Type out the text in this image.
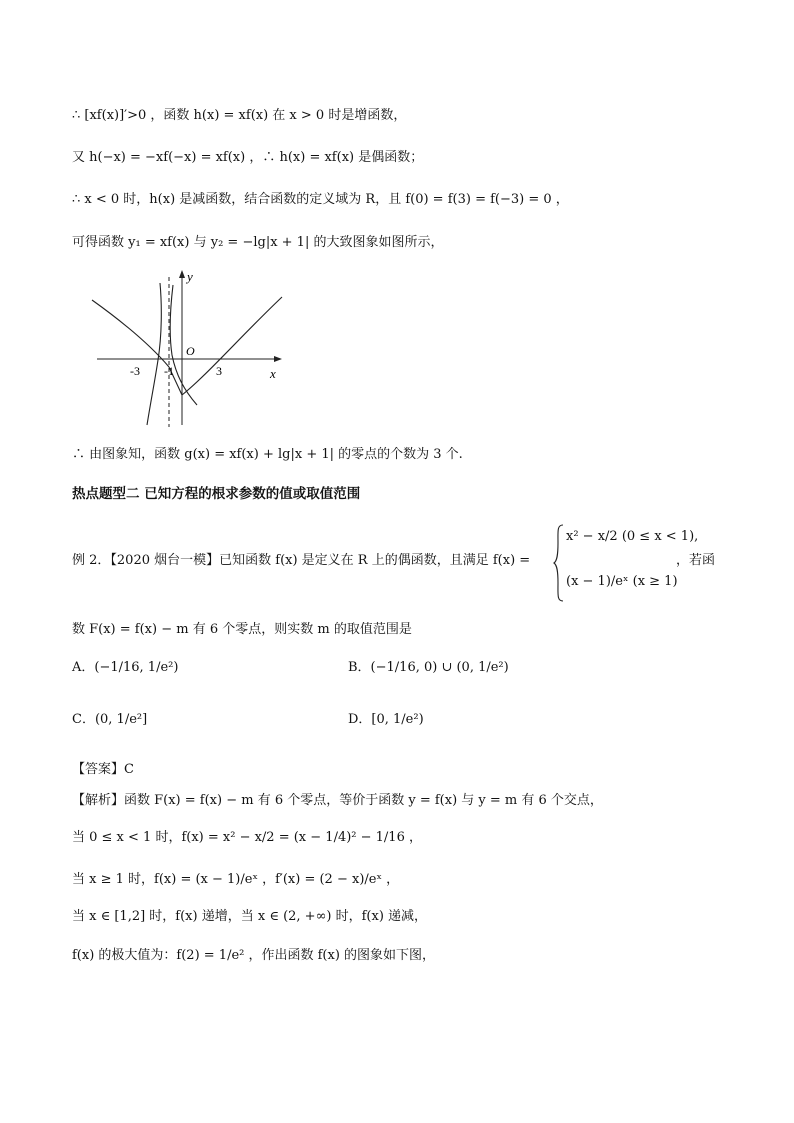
∴ [xf(x)]′>0 ，函数 h(x) = xf(x) 在 x > 0 时是增函数，
又 h(−x) = −xf(−x) = xf(x) ，∴ h(x) = xf(x) 是偶函数；
∴ x < 0 时，h(x) 是减函数，结合函数的定义域为 R，且 f(0) = f(3) = f(−3) = 0 ，
可得函数 y₁ = xf(x) 与 y₂ = −lg|x + 1| 的大致图象如图所示，
y
x
O
-3 -1	3
∴ 由图象知，函数 g(x) = xf(x) + lg|x + 1| 的零点的个数为 3 个.
热点题型二 已知方程的根求参数的值或取值范围
例 2．【2020 烟台一模】已知函数 f(x) 是定义在 R 上的偶函数，且满足 f(x) =
x² − x/2 (0 ≤ x < 1),
(x − 1)/eˣ (x ≥ 1)
，若函
数 F(x) = f(x) − m 有 6 个零点，则实数 m 的取值范围是
A．(−1/16, 1/e²)	B．(−1/16, 0) ∪ (0, 1/e²)
C．(0, 1/e²]	D．[0, 1/e²)
【答案】C
【解析】函数 F(x) = f(x) − m 有 6 个零点，等价于函数 y = f(x) 与 y = m 有 6 个交点，
当 0 ≤ x < 1 时，f(x) = x² − x/2 = (x − 1/4)² − 1/16 ，
当 x ≥ 1 时，f(x) = (x − 1)/eˣ ，f′(x) = (2 − x)/eˣ ，
当 x ∈ [1,2] 时，f(x) 递增，当 x ∈ (2, +∞) 时，f(x) 递减，
f(x) 的极大值为：f(2) = 1/e² ，作出函数 f(x) 的图象如下图，
